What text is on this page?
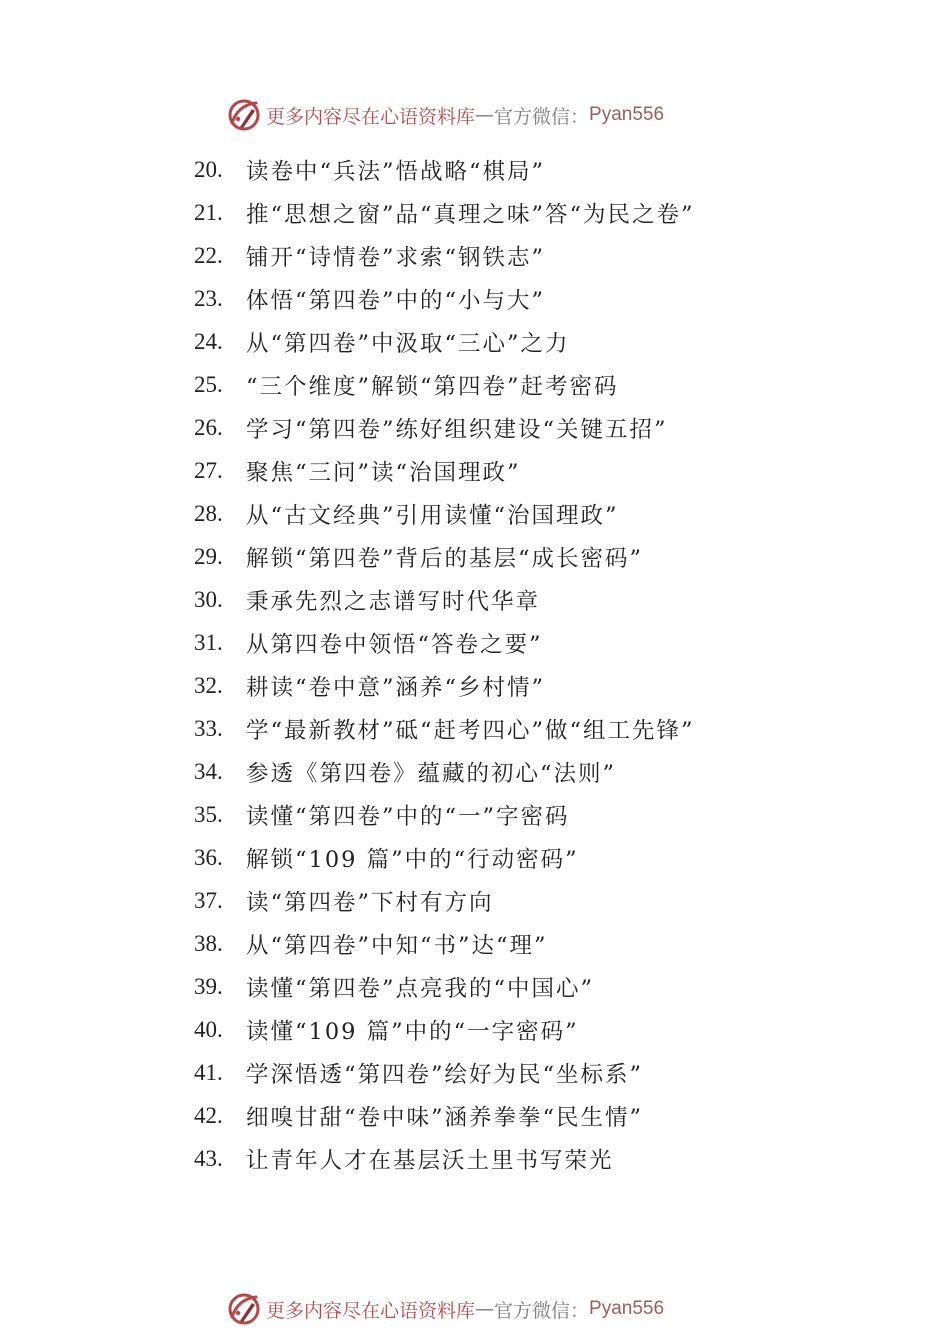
更多内容尽在心语资料库 — 官方微信： Pyan556
20.	读卷中“兵法”悟战略“棋局”
21.	推“思想之窗”品“真理之味”答“为民之卷”
22.	铺开“诗情卷”求索“钢铁志”
23.	体悟“第四卷”中的“小与大”
24.	从“第四卷”中汲取“三心”之力
25.	“三个维度”解锁“第四卷”赶考密码
26.	学习“第四卷”练好组织建设“关键五招”
27.	聚焦“三问”读“治国理政”
28.	从“古文经典”引用读懂“治国理政”
29.	解锁“第四卷”背后的基层“成长密码”
30.	秉承先烈之志谱写时代华章
31.	从第四卷中领悟“答卷之要”
32.	耕读“卷中意”涵养“乡村情”
33.	学“最新教材”砥“赶考四心”做“组工先锋”
34.	参透《第四卷》蕴藏的初心“法则”
35.	读懂“第四卷”中的“一”字密码
36.	解锁“109 篇”中的“行动密码”
37.	读“第四卷”下村有方向
38.	从“第四卷”中知“书”达“理”
39.	读懂“第四卷”点亮我的“中国心”
40.	读懂“109 篇”中的“一字密码”
41.	学深悟透“第四卷”绘好为民“坐标系”
42.	细嗅甘甜“卷中味”涵养拳拳“民生情”
43.	让青年人才在基层沃土里书写荣光
更多内容尽在心语资料库 — 官方微信： Pyan556
